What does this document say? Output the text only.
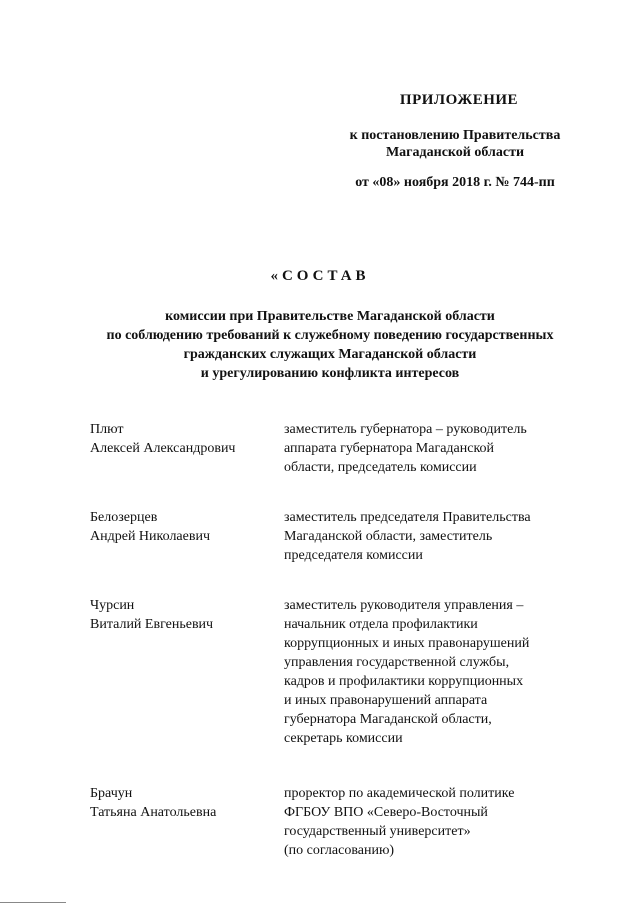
ПРИЛОЖЕНИЕ
к постановлению Правительства
Магаданской области
от «08» ноября 2018 г. № 744-пп
«СОСТАВ
комиссии при Правительстве Магаданской области
по соблюдению требований к служебному поведению государственных
гражданских служащих Магаданской области
и урегулированию конфликта интересов
Плют
Алексей Александрович
заместитель губернатора – руководитель
аппарата губернатора Магаданской
области, председатель комиссии
Белозерцев
Андрей Николаевич
заместитель председателя Правительства
Магаданской области, заместитель
председателя комиссии
Чурсин
Виталий Евгеньевич
заместитель руководителя управления –
начальник отдела профилактики
коррупционных и иных правонарушений
управления государственной службы,
кадров и профилактики коррупционных
и иных правонарушений аппарата
губернатора Магаданской области,
секретарь комиссии
Брачун
Татьяна Анатольевна
проректор по академической политике
ФГБОУ ВПО «Северо-Восточный
государственный университет»
(по согласованию)
